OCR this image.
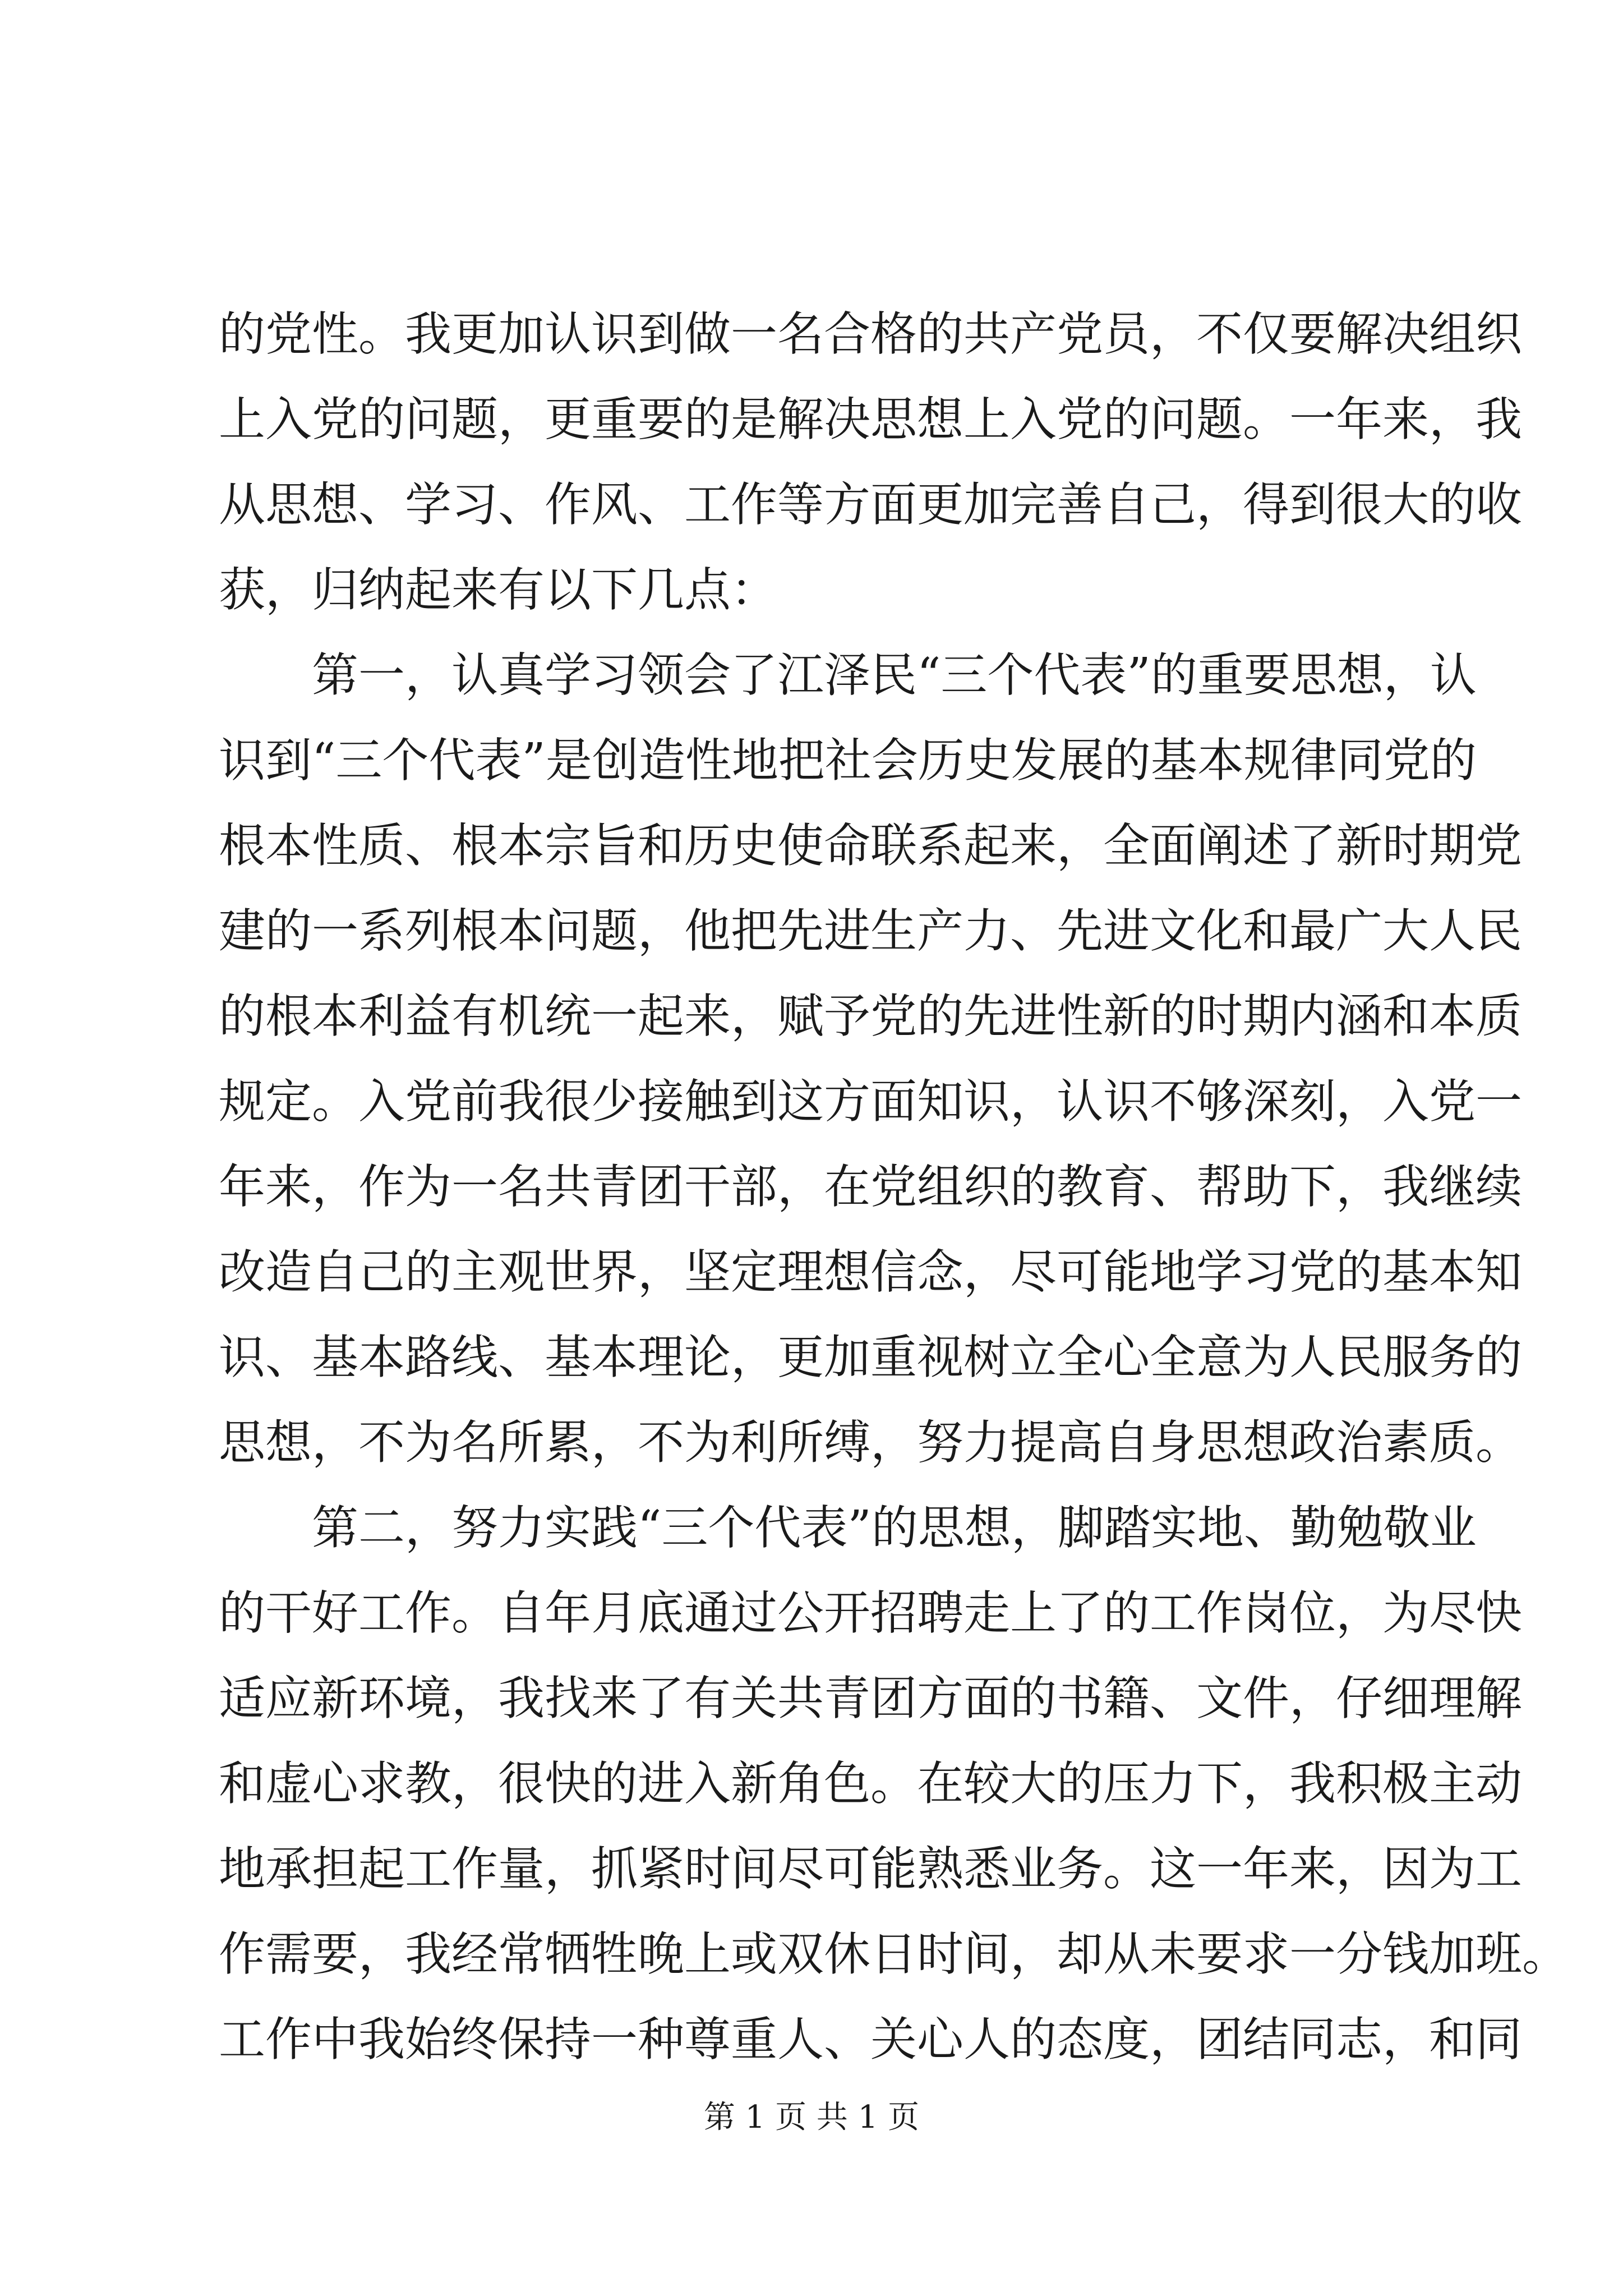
的党性。我更加认识到做一名合格的共产党员，不仅要解决组织
上入党的问题，更重要的是解决思想上入党的问题。一年来，我
从思想、学习、作风、工作等方面更加完善自己，得到很大的收
获，归纳起来有以下几点：
第一，认真学习领会了江泽民“三个代表”的重要思想，认
识到“三个代表”是创造性地把社会历史发展的基本规律同党的
根本性质、根本宗旨和历史使命联系起来，全面阐述了新时期党
建的一系列根本问题，他把先进生产力、先进文化和最广大人民
的根本利益有机统一起来，赋予党的先进性新的时期内涵和本质
规定。入党前我很少接触到这方面知识，认识不够深刻，入党一
年来，作为一名共青团干部，在党组织的教育、帮助下，我继续
改造自己的主观世界，坚定理想信念，尽可能地学习党的基本知
识、基本路线、基本理论，更加重视树立全心全意为人民服务的
思想，不为名所累，不为利所缚，努力提高自身思想政治素质。
第二，努力实践“三个代表”的思想，脚踏实地、勤勉敬业
的干好工作。自年月底通过公开招聘走上了的工作岗位，为尽快
适应新环境，我找来了有关共青团方面的书籍、文件，仔细理解
和虚心求教，很快的进入新角色。在较大的压力下，我积极主动
地承担起工作量，抓紧时间尽可能熟悉业务。这一年来，因为工
作需要，我经常牺牲晚上或双休日时间，却从未要求一分钱加班。
工作中我始终保持一种尊重人、关心人的态度，团结同志，和同
第 1 页 共 1 页
